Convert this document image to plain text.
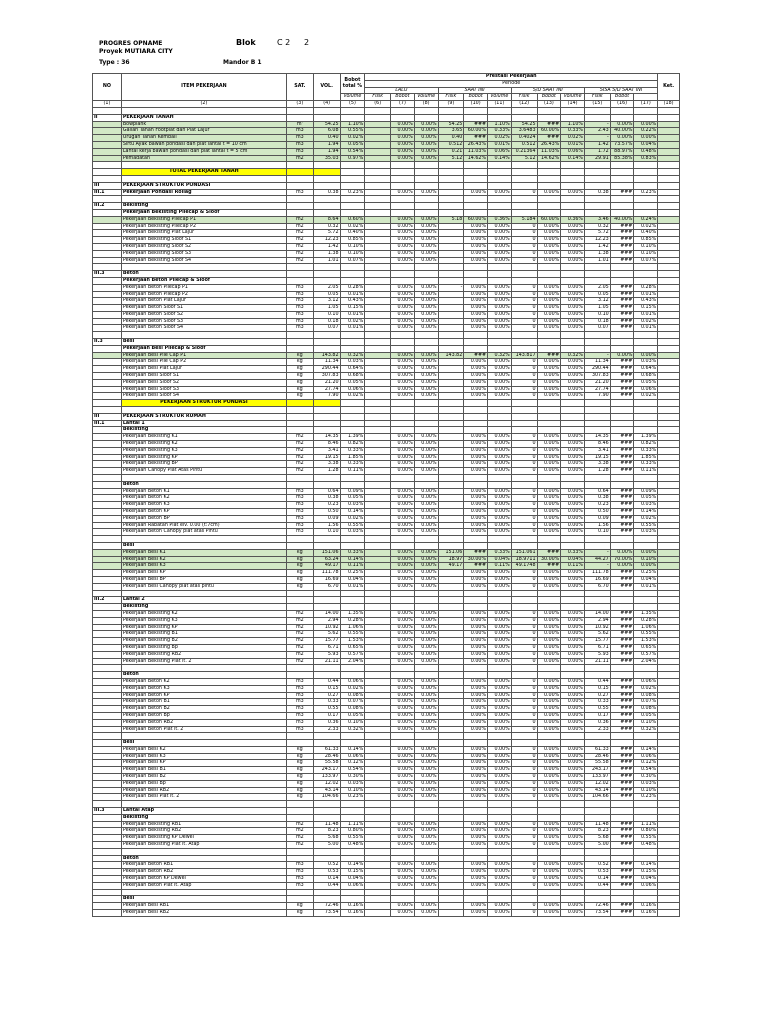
PROGRES OPNAME	Blok	C 2 2
Proyek MUTIARA CITY
Type : 36	Mandor B 1
NO	ITEM PEKERJAAN	SAT.	VOL.	Bobot total %	Prestasi Pekerjaan												Ket.
					Periode												
					LALU			SAAT INI			S/D SAAT INI			SISA S/D SAAT INI			
				Volume	Fisik	Bobot	Volume	Fisik	Bobot	Volume	Fisik	Bobot	Volume	Fisik	Bobot		
(1)	(2)	(3)	(4)	(5)	(6)	(7)	(8)	(9)	(10)	(11)	(12)	(13)	(14)	(15)	(16)	(17)	(18)

II	PEKERJAAN TANAH																
	Bowplank	m'	54.25	1.10%		0.00%	0.00%	54.25	###	1.10%	54.25	###	1.10%	-	0.00%	0.00%	
	Galian Tanah Footplat dan Plat Lajur	m3	6.08	0.55%		0.00%	0.00%	3.65	60.00%	0.33%	3.6483	60.00%	0.33%	2.43	40.00%	0.22%	
	Urugan Tanah Kembali	m3	0.40	0.02%		0.00%	0.00%	0.40	###	0.02%	0.4024	###	0.02%	-	0.00%	0.00%	
	Sirtu Ayak bawah pondasi dan plat lantai t = 10 cm	m3	1.94	0.05%		0.00%	0.00%	0.512	26.43%	0.01%	0.512	26.43%	0.01%	1.42	73.57%	0.04%	
	Lantai kerja bawah pondasi dan plat lantai t = 5 cm	m3	1.94	0.54%		0.00%	0.00%	0.21	11.03%	0.06%	0.21364	11.03%	0.06%	1.72	88.97%	0.48%	
	Pemadatan	m2	35.03	0.97%		0.00%	0.00%	5.12	14.62%	0.14%	5.12	14.62%	0.14%	29.91	85.38%	0.83%	

	TOTAL PEKERJAAN TANAH																

III	PEKERJAAN STRUKTUR PONDASI																
III.1	Pekerjaan Pondasi Rollag	m3	0.38	0.23%		0.00%	0.00%		0.00%	0.00%	0	0.00%	0.00%	0.38	###	0.23%	

III.2	Bekisting																
	Pekerjaan Bekisting Pilecap & Sloof																
	Pekerjaan Bekisting Pilecap P1	m2	8.64	0.60%		0.00%	0.00%	5.18	60.00%	0.36%	5.184	60.00%	0.36%	3.46	40.00%	0.24%	
	Pekerjaan Bekisting Pilecap P2	m2	0.32	0.02%		0.00%	0.00%		0.00%	0.00%	0	0.00%	0.00%	0.32	###	0.02%	
	Pekerjaan Bekisting Plat Lajur	m2	5.72	0.40%		0.00%	0.00%		0.00%	0.00%	0	0.00%	0.00%	5.72	###	0.40%	
	Pekerjaan Bekisting Sloof S1	m2	12.23	0.85%		0.00%	0.00%		0.00%	0.00%	0	0.00%	0.00%	12.23	###	0.85%	
	Pekerjaan Bekisting Sloof S2	m2	1.42	0.10%		0.00%	0.00%		0.00%	0.00%	0	0.00%	0.00%	1.42	###	0.10%	
	Pekerjaan Bekisting Sloof S3	m2	1.38	0.10%		0.00%	0.00%		0.00%	0.00%	0	0.00%	0.00%	1.38	###	0.10%	
	Pekerjaan Bekisting Sloof S4	m2	1.01	0.07%		0.00%	0.00%		0.00%	0.00%	0	0.00%	0.00%	1.01	###	0.07%	

III.3	Beton																
	Pekerjaan Beton Pilecap & Sloof																
	Pekerjaan Beton Pilecap P1	m3	2.05	0.28%		0.00%	0.00%	-	0.00%	0.00%	0	0.00%	0.00%	2.05	###	0.28%	
	Pekerjaan Beton Pilecap P2	m3	0.05	0.01%		0.00%	0.00%		0.00%	0.00%	0	0.00%	0.00%	0.05	###	0.01%	
	Pekerjaan Beton Plat Lajur	m3	3.12	0.43%		0.00%	0.00%		0.00%	0.00%	0	0.00%	0.00%	3.12	###	0.43%	
	Pekerjaan Beton Sloof S1	m3	1.05	0.15%		0.00%	0.00%		0.00%	0.00%	0	0.00%	0.00%	1.05	###	0.15%	
	Pekerjaan Beton Sloof S2	m3	0.10	0.01%		0.00%	0.00%		0.00%	0.00%	0	0.00%	0.00%	0.10	###	0.01%	
	Pekerjaan Beton Sloof S3	m3	0.18	0.02%		0.00%	0.00%		0.00%	0.00%	0	0.00%	0.00%	0.18	###	0.02%	
	Pekerjaan Beton Sloof S4	m3	0.07	0.01%		0.00%	0.00%		0.00%	0.00%	0	0.00%	0.00%	0.07	###	0.01%	

II.3	Besi																
	Pekerjaan Besi Pilecap & Sloof																
	Pekerjaan Besi Pile Cap P1	kg	143.82	0.32%		0.00%	0.00%	143.82	###	0.32%	143.817	###	0.32%	-	0.00%	0.00%	
	Pekerjaan Besi Pile Cap P2	kg	11.34	0.03%		0.00%	0.00%		0.00%	0.00%	0	0.00%	0.00%	11.34	###	0.03%	
	Pekerjaan Besi Plat Lajur	kg	290.44	0.64%		0.00%	0.00%		0.00%	0.00%	0	0.00%	0.00%	290.44	###	0.64%	
	Pekerjaan Besi Sloof S1	kg	307.83	0.68%		0.00%	0.00%		0.00%	0.00%	0	0.00%	0.00%	307.83	###	0.68%	
	Pekerjaan Besi Sloof S2	kg	21.20	0.05%		0.00%	0.00%		0.00%	0.00%	0	0.00%	0.00%	21.20	###	0.05%	
	Pekerjaan Besi Sloof S3	kg	27.74	0.06%		0.00%	0.00%		0.00%	0.00%	0	0.00%	0.00%	27.74	###	0.06%	
	Pekerjaan Besi Sloof S4	kg	7.90	0.02%		0.00%	0.00%		0.00%	0.00%	0	0.00%	0.00%	7.90	###	0.02%	
	PEKERJAAN STRUKTUR PONDASI																

III	PEKERJAAN STRUKTUR RUMAH																
III.1	Lantai 1																
	Bekisting																
	Pekerjaan Bekisting K1	m2	14.35	1.39%		0.00%	0.00%		0.00%	0.00%	0	0.00%	0.00%	14.35	###	1.39%	
	Pekerjaan Bekisting K2	m2	8.46	0.82%		0.00%	0.00%		0.00%	0.00%	0	0.00%	0.00%	8.46	###	0.82%	
	Pekerjaan Bekisting K3	m2	3.41	0.33%		0.00%	0.00%		0.00%	0.00%	0	0.00%	0.00%	3.41	###	0.33%	
	Pekerjaan Bekisting KP	m2	19.15	1.85%		0.00%	0.00%		0.00%	0.00%	0	0.00%	0.00%	19.15	###	1.85%	
	Pekerjaan Bekisting BP	m2	3.38	0.33%		0.00%	0.00%		0.00%	0.00%	0	0.00%	0.00%	3.38	###	0.33%	
	Pekerjaan Canopy Plat Atas Pintu	m2	1.28	0.11%		0.00%	0.00%		0.00%	0.00%	0	0.00%	0.00%	1.28	###	0.11%	

	Beton																
	Pekerjaan Beton K1	m3	0.64	0.09%		0.00%	0.00%		0.00%	0.00%	0	0.00%	0.00%	0.64	###	0.09%	
	Pekerjaan Beton K2	m3	0.38	0.05%		0.00%	0.00%		0.00%	0.00%	0	0.00%	0.00%	0.38	###	0.05%	
	Pekerjaan Beton K3	m3	0.23	0.03%		0.00%	0.00%		0.00%	0.00%	0	0.00%	0.00%	0.23	###	0.03%	
	Pekerjaan Beton KP	m3	0.50	0.14%		0.00%	0.00%		0.00%	0.00%	0	0.00%	0.00%	0.50	###	0.14%	
	Pekerjaan Beton BP	m3	0.09	0.02%		0.00%	0.00%		0.00%	0.00%	0	0.00%	0.00%	0.09	###	0.02%	
	Pekerjaan Rabatan Plat elv. 0.00 (t:7cm)	m3	1.56	0.55%		0.00%	0.00%		0.00%	0.00%	0	0.00%	0.00%	1.56	###	0.55%	
	Pekerjaan Beton Canopy plat atas Pintu	m3	0.10	0.03%		0.00%	0.00%		0.00%	0.00%	0	0.00%	0.00%	0.10	###	0.03%	

	Besi																
	Pekerjaan Besi K1	kg	151.06	0.33%		0.00%	0.00%	151.06	###	0.33%	151.061	###	0.33%	-	0.00%	0.00%	
	Pekerjaan Besi K2	kg	63.24	0.14%		0.00%	0.00%	18.97	30.00%	0.04%	18.9711	30.00%	0.04%	44.27	70.00%	0.10%	
	Pekerjaan Besi K3	kg	49.17	0.11%		0.00%	0.00%	49.17	###	0.11%	49.1748	###	0.11%	-	0.00%	0.00%	
	Pekerjaan Besi KP	kg	111.78	0.25%		0.00%	0.00%		0.00%	0.00%	0	0.00%	0.00%	111.78	###	0.25%	
	Pekerjaan Besi BP	kg	16.69	0.04%		0.00%	0.00%		0.00%	0.00%	0	0.00%	0.00%	16.69	###	0.04%	
	Pekerjaan Besi Canopy plat atas pintu	kg	6.70	0.01%		0.00%	0.00%		0.00%	0.00%	0	0.00%	0.00%	6.70	###	0.01%	

III.2	Lantai 2																
	Bekisting																
	Pekerjaan Bekisting K2	m2	14.00	1.35%		0.00%	0.00%		0.00%	0.00%	0	0.00%	0.00%	14.00	###	1.35%	
	Pekerjaan Bekisting K3	m2	2.94	0.28%		0.00%	0.00%		0.00%	0.00%	0	0.00%	0.00%	2.94	###	0.28%	
	Pekerjaan Bekisting KP	m2	10.92	1.06%		0.00%	0.00%		0.00%	0.00%	0	0.00%	0.00%	10.92	###	1.06%	
	Pekerjaan Bekisting B1	m2	5.62	0.55%		0.00%	0.00%		0.00%	0.00%	0	0.00%	0.00%	5.62	###	0.55%	
	Pekerjaan Bekisting B2	m2	15.77	1.53%		0.00%	0.00%		0.00%	0.00%	0	0.00%	0.00%	15.77	###	1.53%	
	Pekerjaan Bekisting Bp	m2	6.71	0.65%		0.00%	0.00%		0.00%	0.00%	0	0.00%	0.00%	6.71	###	0.65%	
	Pekerjaan Bekisting RB2	m2	5.93	0.57%		0.00%	0.00%		0.00%	0.00%	0	0.00%	0.00%	5.93	###	0.57%	
	Pekerjaan Bekisting Plat lt. 2	m2	21.11	2.04%		0.00%	0.00%		0.00%	0.00%	0	0.00%	0.00%	21.11	###	2.04%	

	Beton																
	Pekerjaan Beton K2	m3	0.44	0.06%		0.00%	0.00%		0.00%	0.00%	0	0.00%	0.00%	0.44	###	0.06%	
	Pekerjaan Beton K3	m3	0.15	0.02%		0.00%	0.00%		0.00%	0.00%	0	0.00%	0.00%	0.15	###	0.02%	
	Pekerjaan Beton KP	m3	0.27	0.08%		0.00%	0.00%		0.00%	0.00%	0	0.00%	0.00%	0.27	###	0.08%	
	Pekerjaan Beton B1	m3	0.33	0.07%		0.00%	0.00%		0.00%	0.00%	0	0.00%	0.00%	0.33	###	0.07%	
	Pekerjaan Beton B2	m3	0.55	0.08%		0.00%	0.00%		0.00%	0.00%	0	0.00%	0.00%	0.55	###	0.08%	
	Pekerjaan Beton Bp	m3	0.17	0.05%		0.00%	0.00%		0.00%	0.00%	0	0.00%	0.00%	0.17	###	0.05%	
	Pekerjaan Beton RB2	m3	0.36	0.10%		0.00%	0.00%		0.00%	0.00%	0	0.00%	0.00%	0.36	###	0.10%	
	Pekerjaan Beton Plat lt. 2	m3	2.33	0.32%		0.00%	0.00%		0.00%	0.00%	0	0.00%	0.00%	2.33	###	0.32%	

	Besi																
	Pekerjaan Besi K2	kg	61.33	0.14%		0.00%	0.00%		0.00%	0.00%	0	0.00%	0.00%	61.33	###	0.14%	
	Pekerjaan Besi K3	kg	28.46	0.06%		0.00%	0.00%		0.00%	0.00%	0	0.00%	0.00%	28.46	###	0.06%	
	Pekerjaan Besi KP	kg	55.58	0.12%		0.00%	0.00%		0.00%	0.00%	0	0.00%	0.00%	55.58	###	0.12%	
	Pekerjaan Besi B1	kg	243.17	0.54%		0.00%	0.00%		0.00%	0.00%	0	0.00%	0.00%	243.17	###	0.54%	
	Pekerjaan Besi B2	kg	133.97	0.30%		0.00%	0.00%		0.00%	0.00%	0	0.00%	0.00%	133.97	###	0.30%	
	Pekerjaan Besi Bp	kg	12.02	0.03%		0.00%	0.00%		0.00%	0.00%	0	0.00%	0.00%	12.02	###	0.03%	
	Pekerjaan Besi RB2	kg	43.14	0.10%		0.00%	0.00%		0.00%	0.00%	0	0.00%	0.00%	43.14	###	0.10%	
	Pekerjaan Besi Plat lt. 2	kg	104.66	0.23%		0.00%	0.00%		0.00%	0.00%	0	0.00%	0.00%	104.66	###	0.23%	

III.3	Lantai Atap																
	Bekisting																
	Pekerjaan Bekisting RB1	m2	11.48	1.11%		0.00%	0.00%		0.00%	0.00%	0	0.00%	0.00%	11.48	###	1.11%	
	Pekerjaan Bekisting RB2	m2	8.23	0.80%		0.00%	0.00%		0.00%	0.00%	0	0.00%	0.00%	8.23	###	0.80%	
	Pekerjaan Bekisting KP Dewel	m2	5.68	0.55%		0.00%	0.00%		0.00%	0.00%	0	0.00%	0.00%	5.68	###	0.55%	
	Pekerjaan Bekisting Plat lt. Atap	m2	5.00	0.48%		0.00%	0.00%		0.00%	0.00%	0	0.00%	0.00%	5.00	###	0.48%	

	Beton																
	Pekerjaan Beton RB1	m3	0.52	0.14%		0.00%	0.00%		0.00%	0.00%	0	0.00%	0.00%	0.52	###	0.14%	
	Pekerjaan Beton RB2	m3	0.53	0.15%		0.00%	0.00%		0.00%	0.00%	0	0.00%	0.00%	0.53	###	0.15%	
	Pekerjaan Beton KP Dewel	m3	0.14	0.04%		0.00%	0.00%		0.00%	0.00%	0	0.00%	0.00%	0.14	###	0.04%	
	Pekerjaan Beton Plat lt. Atap	m3	0.44	0.06%		0.00%	0.00%		0.00%	0.00%	0	0.00%	0.00%	0.44	###	0.06%	

	Besi																
	Pekerjaan Besi RB1	kg	72.46	0.16%		0.00%	0.00%		0.00%	0.00%	0	0.00%	0.00%	72.46	###	0.16%	
	Pekerjaan Besi RB2	kg	73.54	0.16%		0.00%	0.00%		0.00%	0.00%	0	0.00%	0.00%	73.54	###	0.16%	
